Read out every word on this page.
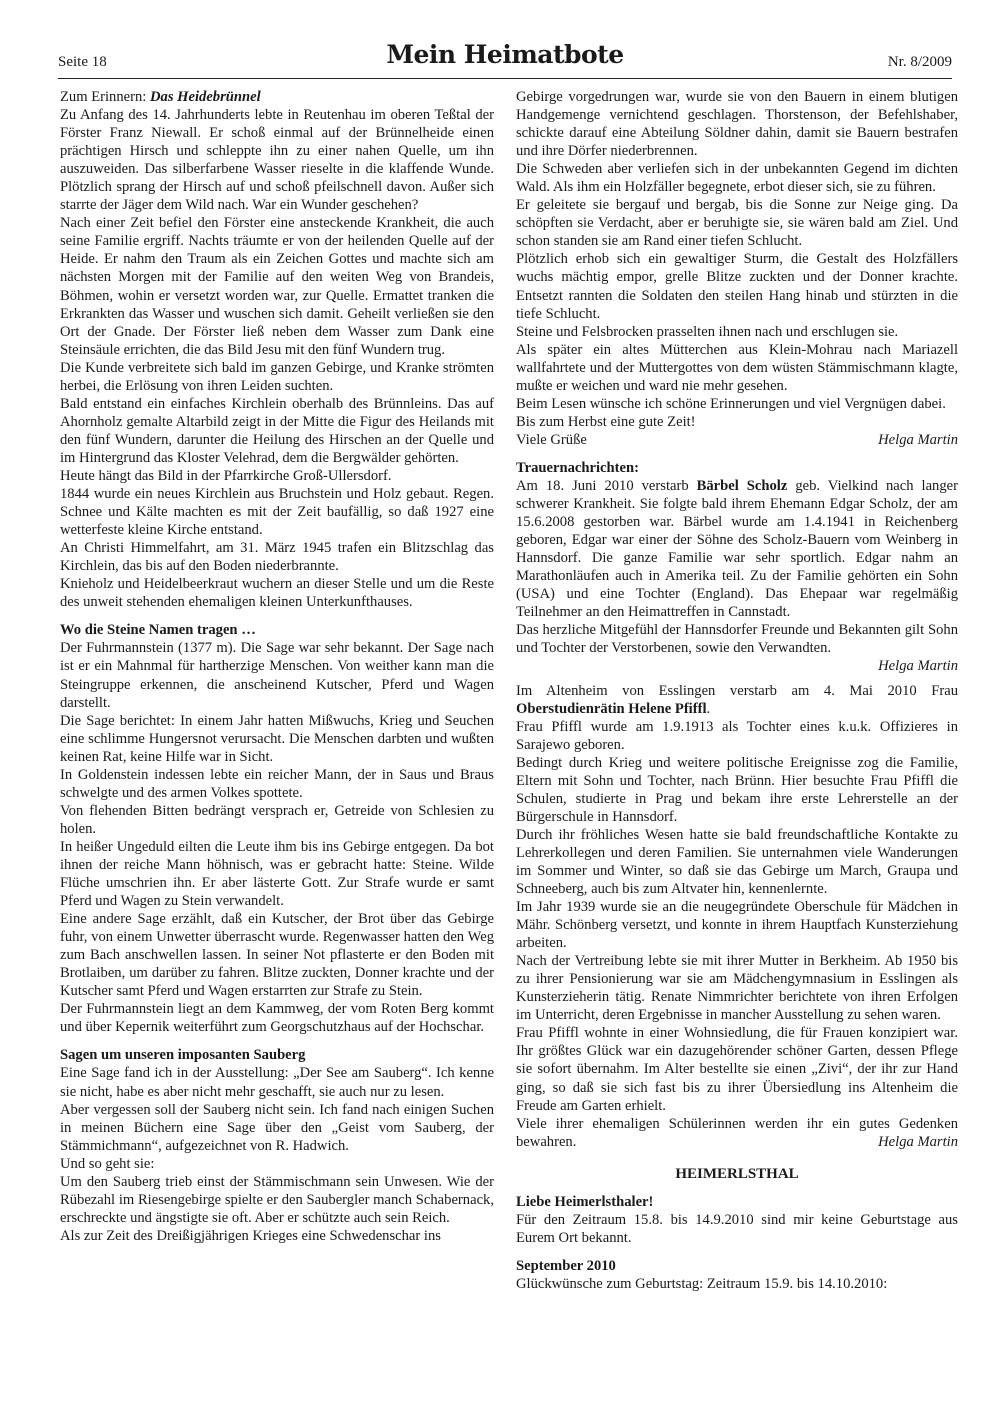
Seite 18	Mein Heimatbote	Nr. 8/2009

Zum Erinnern: Das Heidebrünnel

Zu Anfang des 14. Jahrhunderts lebte in Reutenhau im oberen Teßtal der Förster Franz Niewall. Er schoß einmal auf der Brünnelheide einen prächtigen Hirsch und schleppte ihn zu einer nahen Quelle, um ihn auszuweiden. Das silberfarbene Wasser rieselte in die klaffende Wunde. Plötzlich sprang der Hirsch auf und schoß pfeilschnell davon. Außer sich starrte der Jäger dem Wild nach. War ein Wunder geschehen?

Nach einer Zeit befiel den Förster eine ansteckende Krankheit, die auch seine Familie ergriff. Nachts träumte er von der heilenden Quelle auf der Heide. Er nahm den Traum als ein Zeichen Gottes und machte sich am nächsten Morgen mit der Familie auf den weiten Weg von Brandeis, Böhmen, wohin er versetzt worden war, zur Quelle. Ermattet tranken die Erkrankten das Wasser und wuschen sich damit. Geheilt verließen sie den Ort der Gnade. Der Förster ließ neben dem Wasser zum Dank eine Steinsäule errichten, die das Bild Jesu mit den fünf Wundern trug.

Die Kunde verbreitete sich bald im ganzen Gebirge, und Kranke strömten herbei, die Erlösung von ihren Leiden suchten.

Bald entstand ein einfaches Kirchlein oberhalb des Brünnleins. Das auf Ahornholz gemalte Altarbild zeigt in der Mitte die Figur des Heilands mit den fünf Wundern, darunter die Heilung des Hirschen an der Quelle und im Hintergrund das Kloster Velehrad, dem die Bergwälder gehörten.

Heute hängt das Bild in der Pfarrkirche Groß-Ullersdorf.

1844 wurde ein neues Kirchlein aus Bruchstein und Holz gebaut. Regen. Schnee und Kälte machten es mit der Zeit baufällig, so daß 1927 eine wetterfeste kleine Kirche entstand.

An Christi Himmelfahrt, am 31. März 1945 trafen ein Blitzschlag das Kirchlein, das bis auf den Boden niederbrannte.

Knieholz und Heidelbeerkraut wuchern an dieser Stelle und um die Reste des unweit stehenden ehemaligen kleinen Unterkunfthauses.

Wo die Steine Namen tragen …

Der Fuhrmannstein (1377 m). Die Sage war sehr bekannt. Der Sage nach ist er ein Mahnmal für hartherzige Menschen. Von weither kann man die Steingruppe erkennen, die anscheinend Kutscher, Pferd und Wagen darstellt.

Die Sage berichtet: In einem Jahr hatten Mißwuchs, Krieg und Seuchen eine schlimme Hungersnot verursacht. Die Menschen darbten und wußten keinen Rat, keine Hilfe war in Sicht.

In Goldenstein indessen lebte ein reicher Mann, der in Saus und Braus schwelgte und des armen Volkes spottete.

Von flehenden Bitten bedrängt versprach er, Getreide von Schlesien zu holen.

In heißer Ungeduld eilten die Leute ihm bis ins Gebirge entgegen. Da bot ihnen der reiche Mann höhnisch, was er gebracht hatte: Steine. Wilde Flüche umschrien ihn. Er aber lästerte Gott. Zur Strafe wurde er samt Pferd und Wagen zu Stein verwandelt.

Eine andere Sage erzählt, daß ein Kutscher, der Brot über das Gebirge fuhr, von einem Unwetter überrascht wurde. Regenwasser hatten den Weg zum Bach anschwellen lassen. In seiner Not pflasterte er den Boden mit Brotlaiben, um darüber zu fahren. Blitze zuckten, Donner krachte und der Kutscher samt Pferd und Wagen erstarrten zur Strafe zu Stein.

Der Fuhrmannstein liegt an dem Kammweg, der vom Roten Berg kommt und über Kepernik weiterführt zum Georgschutzhaus auf der Hochschar.

Sagen um unseren imposanten Sauberg

Eine Sage fand ich in der Ausstellung: „Der See am Sauberg“. Ich kenne sie nicht, habe es aber nicht mehr geschafft, sie auch nur zu lesen.

Aber vergessen soll der Sauberg nicht sein. Ich fand nach einigen Suchen in meinen Büchern eine Sage über den „Geist vom Sauberg, der Stämmichmann“, aufgezeichnet von R. Hadwich.

Und so geht sie:

Um den Sauberg trieb einst der Stämmischmann sein Unwesen. Wie der Rübezahl im Riesengebirge spielte er den Saubergler manch Schabernack, erschreckte und ängstigte sie oft. Aber er schützte auch sein Reich.

Als zur Zeit des Dreißigjährigen Krieges eine Schwedenschar ins

Gebirge vorgedrungen war, wurde sie von den Bauern in einem blutigen Handgemenge vernichtend geschlagen. Thorstenson, der Befehlshaber, schickte darauf eine Abteilung Söldner dahin, damit sie Bauern bestrafen und ihre Dörfer niederbrennen.

Die Schweden aber verliefen sich in der unbekannten Gegend im dichten Wald. Als ihm ein Holzfäller begegnete, erbot dieser sich, sie zu führen.

Er geleitete sie bergauf und bergab, bis die Sonne zur Neige ging. Da schöpften sie Verdacht, aber er beruhigte sie, sie wären bald am Ziel. Und schon standen sie am Rand einer tiefen Schlucht.

Plötzlich erhob sich ein gewaltiger Sturm, die Gestalt des Holzfällers wuchs mächtig empor, grelle Blitze zuckten und der Donner krachte. Entsetzt rannten die Soldaten den steilen Hang hinab und stürzten in die tiefe Schlucht.

Steine und Felsbrocken prasselten ihnen nach und erschlugen sie.

Als später ein altes Mütterchen aus Klein-Mohrau nach Mariazell wallfahrtete und der Muttergottes von dem wüsten Stämmischmann klagte, mußte er weichen und ward nie mehr gesehen.

Beim Lesen wünsche ich schöne Erinnerungen und viel Vergnügen dabei.

Bis zum Herbst eine gute Zeit!

Viele Grüße	Helga Martin
Trauernachrichten:

Am 18. Juni 2010 verstarb Bärbel Scholz geb. Vielkind nach langer schwerer Krankheit. Sie folgte bald ihrem Ehemann Edgar Scholz, der am 15.6.2008 gestorben war. Bärbel wurde am 1.4.1941 in Reichenberg geboren, Edgar war einer der Söhne des Scholz-Bauern vom Weinberg in Hannsdorf. Die ganze Familie war sehr sportlich. Edgar nahm an Marathonläufen auch in Amerika teil. Zu der Familie gehörten ein Sohn (USA) und eine Tochter (England). Das Ehepaar war regelmäßig Teilnehmer an den Heimattreffen in Cannstadt.

Das herzliche Mitgefühl der Hannsdorfer Freunde und Bekannten gilt Sohn und Tochter der Verstorbenen, sowie den Verwandten.

Helga Martin

Im Altenheim von Esslingen verstarb am 4. Mai 2010 Frau Oberstudienrätin Helene Pfiffl.

Frau Pfiffl wurde am 1.9.1913 als Tochter eines k.u.k. Offizieres in Sarajewo geboren.

Bedingt durch Krieg und weitere politische Ereignisse zog die Familie, Eltern mit Sohn und Tochter, nach Brünn. Hier besuchte Frau Pfiffl die Schulen, studierte in Prag und bekam ihre erste Lehrerstelle an der Bürgerschule in Hannsdorf.

Durch ihr fröhliches Wesen hatte sie bald freundschaftliche Kontakte zu Lehrerkollegen und deren Familien. Sie unternahmen viele Wanderungen im Sommer und Winter, so daß sie das Gebirge um March, Graupa und Schneeberg, auch bis zum Altvater hin, kennenlernte.

Im Jahr 1939 wurde sie an die neugegründete Oberschule für Mädchen in Mähr. Schönberg versetzt, und konnte in ihrem Hauptfach Kunsterziehung arbeiten.

Nach der Vertreibung lebte sie mit ihrer Mutter in Berkheim. Ab 1950 bis zu ihrer Pensionierung war sie am Mädchengymnasium in Esslingen als Kunsterzieherin tätig. Renate Nimmrichter berichtete von ihren Erfolgen im Unterricht, deren Ergebnisse in mancher Ausstellung zu sehen waren.

Frau Pfiffl wohnte in einer Wohnsiedlung, die für Frauen konzipiert war. Ihr größtes Glück war ein dazugehörender schöner Garten, dessen Pflege sie sofort übernahm. Im Alter bestellte sie einen „Zivi“, der ihr zur Hand ging, so daß sie sich fast bis zu ihrer Übersiedlung ins Altenheim die Freude am Garten erhielt.

Viele ihrer ehemaligen Schülerinnen werden ihr ein gutes Gedenken bewahren.	Helga Martin
HEIMERLSTHAL
Liebe Heimerlsthaler!

Für den Zeitraum 15.8. bis 14.9.2010 sind mir keine Geburtstage aus Eurem Ort bekannt.

September 2010

Glückwünsche zum Geburtstag: Zeitraum 15.9. bis 14.10.2010:
